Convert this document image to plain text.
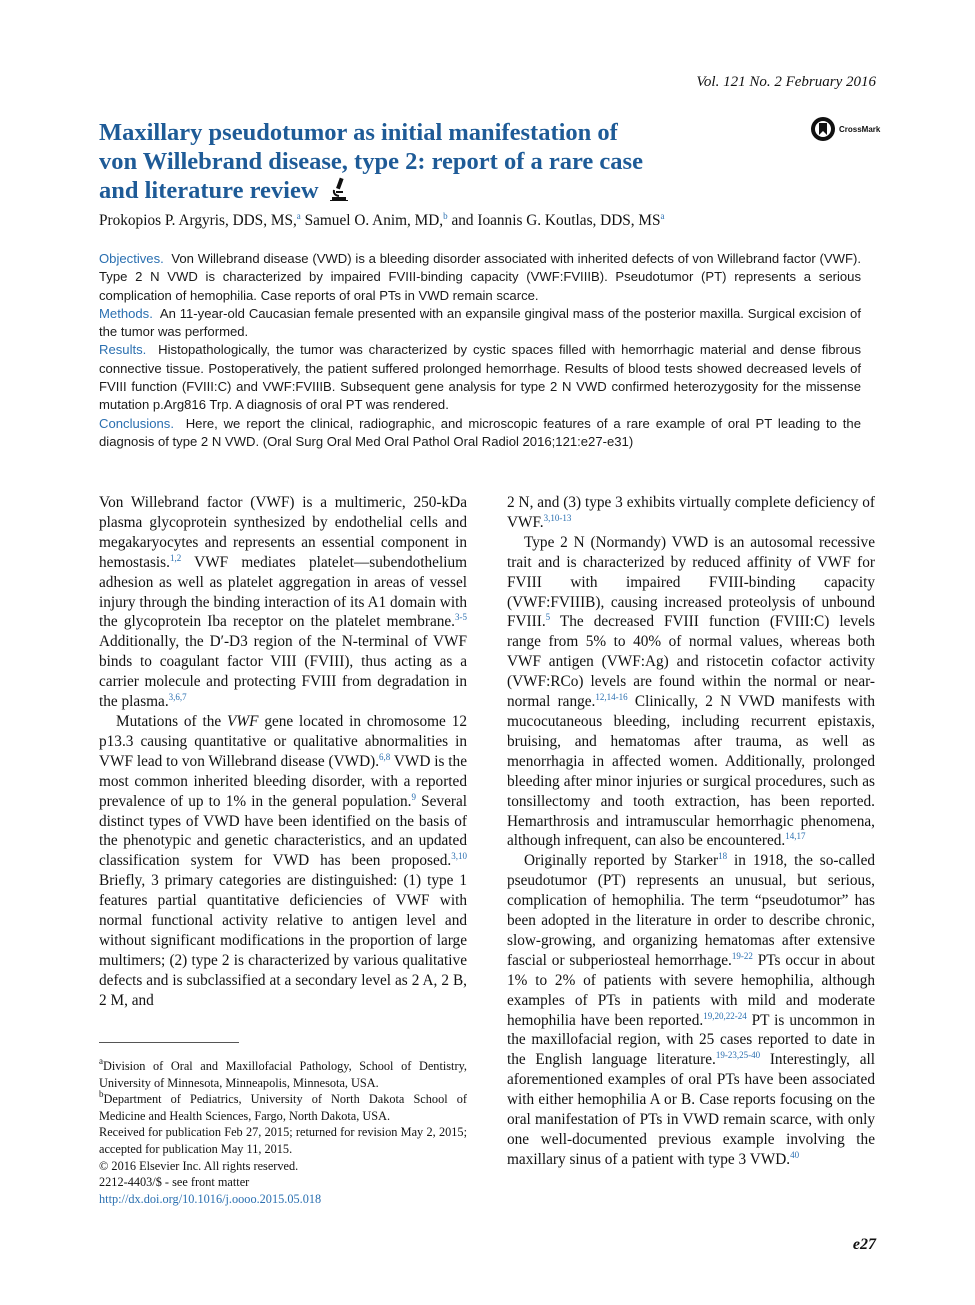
Vol. 121 No. 2 February 2016
Maxillary pseudotumor as initial manifestation of
von Willebrand disease, type 2: report of a rare case
and literature review
CrossMark
Prokopios P. Argyris, DDS, MS,$^a$ Samuel O. Anim, MD,$^b$ and Ioannis G. Koutlas, DDS, $MS^a$

Objectives. Von Willebrand disease (VWD) is a bleeding disorder associated with inherited defects of von Willebrand factor (VWF). Type 2 N VWD is characterized by impaired FVIII-binding capacity (VWF:FVIIIB). Pseudotumor (PT) represents a serious complication of hemophilia. Case reports of oral PTs in VWD remain scarce.

Methods. An 11-year-old Caucasian female presented with an expansile gingival mass of the posterior maxilla. Surgical excision of the tumor was performed.

Results. Histopathologically, the tumor was characterized by cystic spaces filled with hemorrhagic material and dense fibrous connective tissue. Postoperatively, the patient suffered prolonged hemorrhage. Results of blood tests showed decreased levels of FVIII function (FVIII:C) and VWF:FVIIIB. Subsequent gene analysis for type 2 N VWD confirmed heterozygosity for the missense mutation p.Arg816 Trp. A diagnosis of oral PT was rendered.

Conclusions. Here, we report the clinical, radiographic, and microscopic features of a rare example of oral PT leading to the diagnosis of type 2 N VWD. (Oral Surg Oral Med Oral Pathol Oral Radiol 2016;121:e27-e31)

Von Willebrand factor (VWF) is a multimeric, 250-kDa plasma glycoprotein synthesized by endothelial cells and megakaryocytes and represents an essential component in hemostasis.$^{1,2}$ VWF mediates platelet—subendothelium adhesion as well as platelet aggregation in areas of vessel injury through the binding interaction of its A1 domain with the glycoprotein Iba receptor on the platelet membrane.$^{3-5}$ Additionally, the D′-D3 region of the N-terminal of VWF binds to coagulant factor VIII (FVIII), thus acting as a carrier molecule and protecting FVIII from degradation in the plasma.$^{3,6,7}$

Mutations of the VWF gene located in chromosome 12 p13.3 causing quantitative or qualitative abnormalities in VWF lead to von Willebrand disease (VWD).$^{6,8}$ VWD is the most common inherited bleeding disorder, with a reported prevalence of up to 1% in the general population.$^9$ Several distinct types of VWD have been identified on the basis of the phenotypic and genetic characteristics, and an updated classification system for VWD has been proposed.$^{3,10}$ Briefly, 3 primary categories are distinguished: (1) type 1 features partial quantitative deficiencies of VWF with normal functional activity relative to antigen level and without significant modifications in the proportion of large multimers; (2) type 2 is characterized by various qualitative defects and is subclassified at a secondary level as 2 A, 2 B, 2 M, and

2 N, and (3) type 3 exhibits virtually complete deficiency of VWF.$^{3,10-13}$

Type 2 N (Normandy) VWD is an autosomal recessive trait and is characterized by reduced affinity of VWF for FVIII with impaired FVIII-binding capacity (VWF:FVIIIB), causing increased proteolysis of unbound FVIII.$^5$ The decreased FVIII function (FVIII:C) levels range from 5% to 40% of normal values, whereas both VWF antigen (VWF:Ag) and ristocetin cofactor activity (VWF:RCo) levels are found within the normal or near-normal range.$^{12,14-16}$ Clinically, 2 N VWD manifests with mucocutaneous bleeding, including recurrent epistaxis, bruising, and hematomas after trauma, as well as menorrhagia in affected women. Additionally, prolonged bleeding after minor injuries or surgical procedures, such as tonsillectomy and tooth extraction, has been reported. Hemarthrosis and intramuscular hemorrhagic phenomena, although infrequent, can also be encountered.$^{14,17}$

Originally reported by Starker$^{18}$ in 1918, the so-called pseudotumor (PT) represents an unusual, but serious, complication of hemophilia. The term “pseudotumor” has been adopted in the literature in order to describe chronic, slow-growing, and organizing hematomas after extensive fascial or subperiosteal hemorrhage.$^{19-22}$ PTs occur in about 1% to 2% of patients with severe hemophilia, although examples of PTs in patients with mild and moderate hemophilia have been reported.$^{19,20,22-24}$ PT is uncommon in the maxillofacial region, with 25 cases reported to date in the English language literature.$^{19-23,25-40}$ Interestingly, all aforementioned examples of oral PTs have been associated with either hemophilia A or B. Case reports focusing on the oral manifestation of PTs in VWD remain scarce, with only one well-documented previous example involving the maxillary sinus of a patient with type 3 VWD.$^{40}$

$^a$Division of Oral and Maxillofacial Pathology, School of Dentistry, University of Minnesota, Minneapolis, Minnesota, USA.

$^b$Department of Pediatrics, University of North Dakota School of Medicine and Health Sciences, Fargo, North Dakota, USA.

Received for publication Feb 27, 2015; returned for revision May 2, 2015; accepted for publication May 11, 2015.

© 2016 Elsevier Inc. All rights reserved.

2212-4403/$ - see front matter

http://dx.doi.org/10.1016/j.oooo.2015.05.018

e27
